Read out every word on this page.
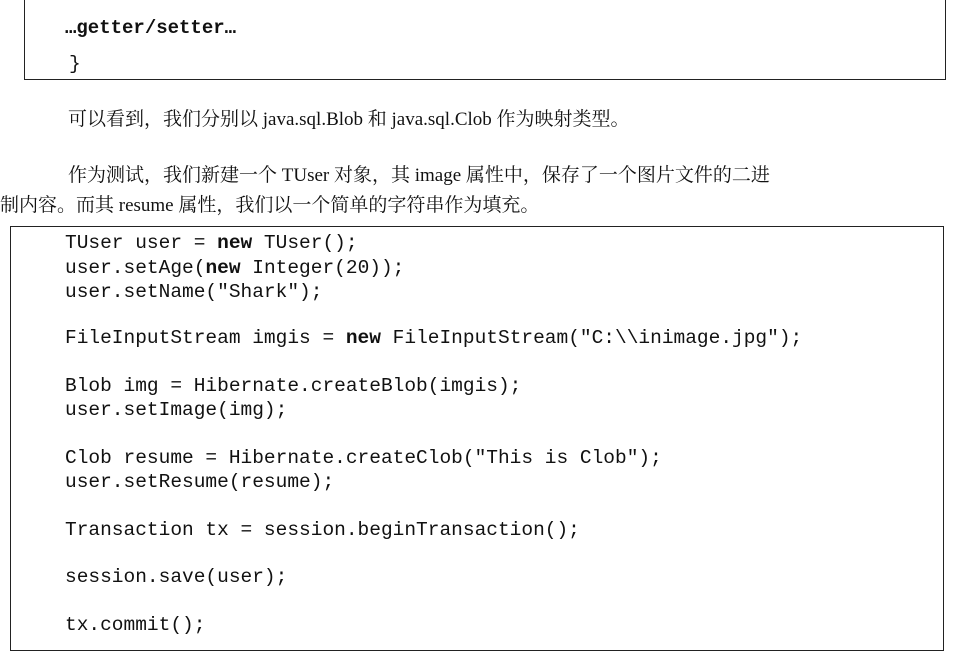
…getter/setter…
}
可以看到，我们分别以 java.sql.Blob 和 java.sql.Clob 作为映射类型。
作为测试，我们新建一个 TUser 对象，其 image 属性中，保存了一个图片文件的二进
制内容。而其 resume 属性，我们以一个简单的字符串作为填充。
TUser user = new TUser();
user.setAge(new Integer(20));
user.setName("Shark");
FileInputStream imgis = new FileInputStream("C:\\inimage.jpg");
Blob img = Hibernate.createBlob(imgis);
user.setImage(img);
Clob resume = Hibernate.createClob("This is Clob");
user.setResume(resume);
Transaction tx = session.beginTransaction();
session.save(user);
tx.commit();
